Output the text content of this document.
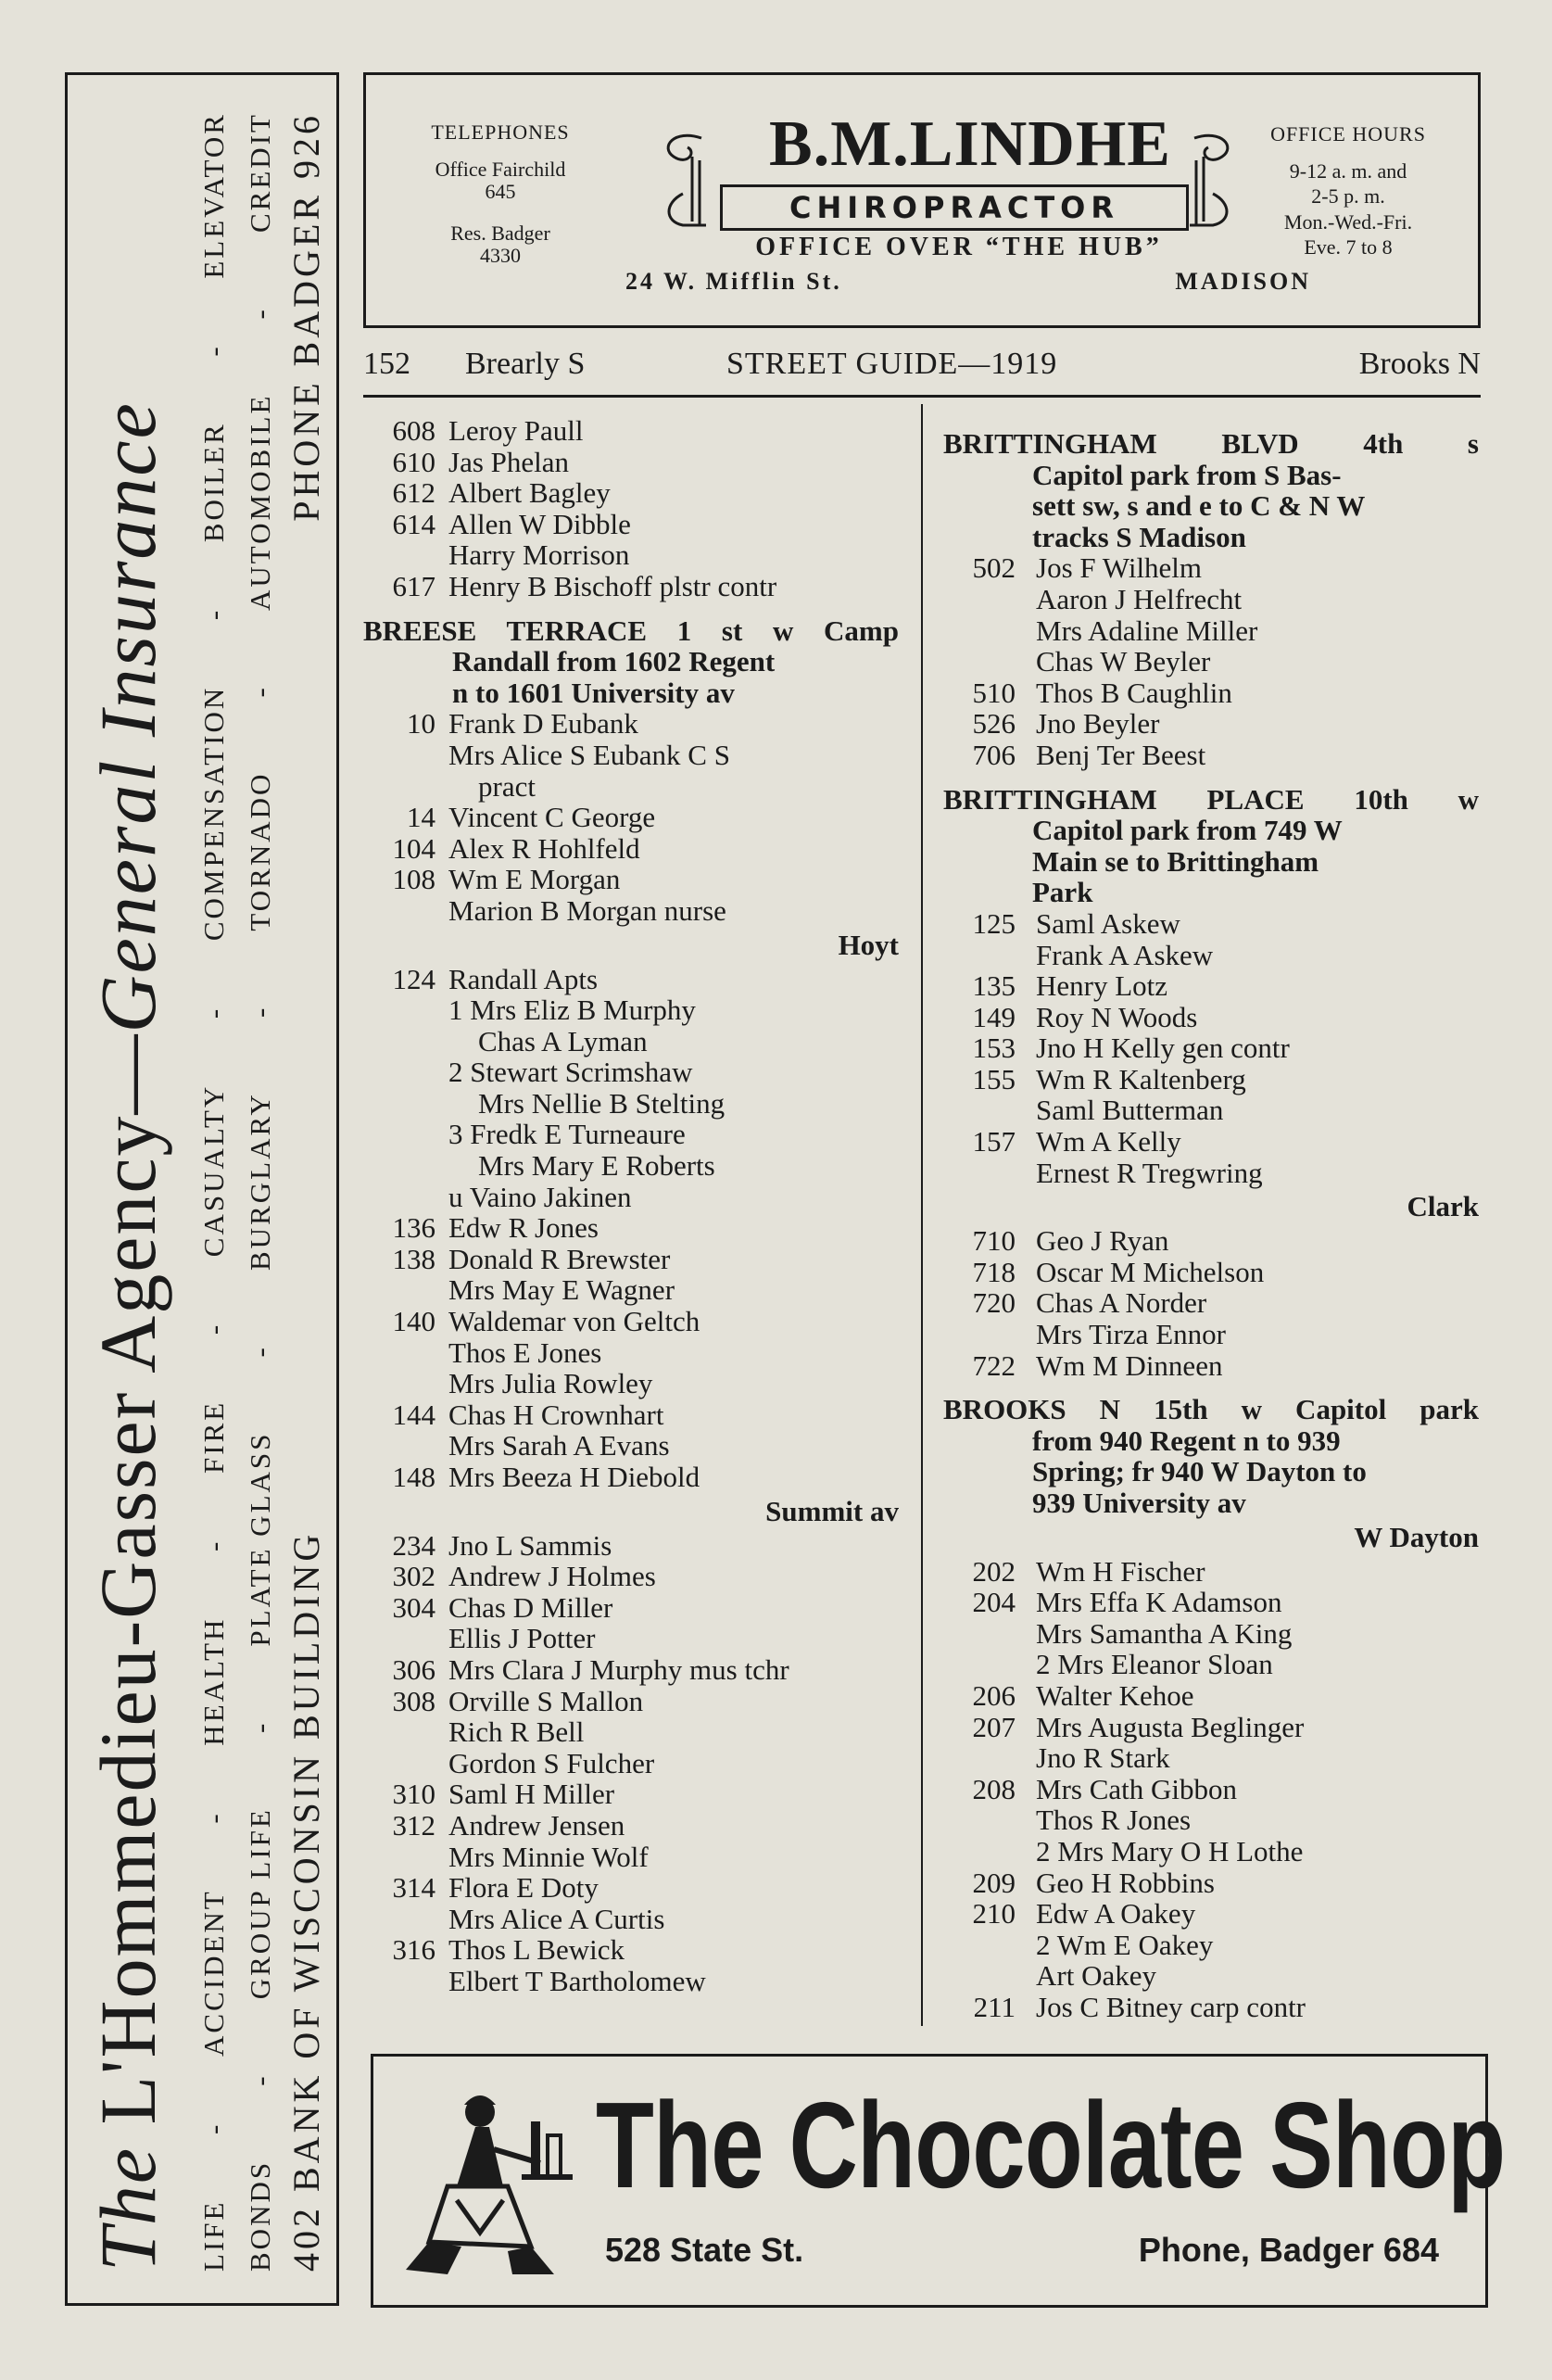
The L'Hommedieu-Gasser Agency—General Insurance
LIFE
-
ACCIDENT
-
HEALTH
-
FIRE
-
CASUALTY
-
COMPENSATION
-
BOILER
-
ELEVATOR
BONDS
-
GROUP LIFE
-
PLATE GLASS
-
BURGLARY
-
TORNADO
-
AUTOMOBILE
-
CREDIT
402 BANK OF WISCONSIN BUILDING
PHONE BADGER 926	TELEPHONES
Office Fairchild
645
Res. Badger
4330
B.M.LINDHE
CHIROPRACTOR
OFFICE OVER “THE HUB”
24 W. Mifflin St.	MADISON
OFFICE HOURS
9-12 a. m. and
2-5 p. m.
Mon.-Wed.-Fri.
Eve. 7 to 8
152 Brearly S	STREET GUIDE—1919	Brooks N
608 Leroy Paull
610 Jas Phelan
612 Albert Bagley
614 Allen W Dibble
Harry Morrison
617 Henry B Bischoff plstr contr
BREESE TERRACE 1 st w Camp
Randall from 1602 Regent
n to 1601 University av
10 Frank D Eubank
Mrs Alice S Eubank C S
pract
14 Vincent C George
104 Alex R Hohlfeld
108 Wm E Morgan
Marion B Morgan nurse
Hoyt
124 Randall Apts
1 Mrs Eliz B Murphy
Chas A Lyman
2 Stewart Scrimshaw
Mrs Nellie B Stelting
3 Fredk E Turneaure
Mrs Mary E Roberts
u Vaino Jakinen
136 Edw R Jones
138 Donald R Brewster
Mrs May E Wagner
140 Waldemar von Geltch
Thos E Jones
Mrs Julia Rowley
144 Chas H Crownhart
Mrs Sarah A Evans
148 Mrs Beeza H Diebold
Summit av
234 Jno L Sammis
302 Andrew J Holmes
304 Chas D Miller
Ellis J Potter
306 Mrs Clara J Murphy mus tchr
308 Orville S Mallon
Rich R Bell
Gordon S Fulcher
310 Saml H Miller
312 Andrew Jensen
Mrs Minnie Wolf
314 Flora E Doty
Mrs Alice A Curtis
316 Thos L Bewick
Elbert T Bartholomew
BRITTINGHAM BLVD 4th s
Capitol park from S Bas-
sett sw, s and e to C & N W
tracks S Madison
502 Jos F Wilhelm
Aaron J Helfrecht
Mrs Adaline Miller
Chas W Beyler
510 Thos B Caughlin
526 Jno Beyler
706 Benj Ter Beest
BRITTINGHAM PLACE 10th w
Capitol park from 749 W
Main se to Brittingham
Park
125 Saml Askew
Frank A Askew
135 Henry Lotz
149 Roy N Woods
153 Jno H Kelly gen contr
155 Wm R Kaltenberg
Saml Butterman
157 Wm A Kelly
Ernest R Tregwring
Clark
710 Geo J Ryan
718 Oscar M Michelson
720 Chas A Norder
Mrs Tirza Ennor
722 Wm M Dinneen
BROOKS N 15th w Capitol park
from 940 Regent n to 939
Spring; fr 940 W Dayton to
939 University av
W Dayton
202 Wm H Fischer
204 Mrs Effa K Adamson
Mrs Samantha A King
2 Mrs Eleanor Sloan
206 Walter Kehoe
207 Mrs Augusta Beglinger
Jno R Stark
208 Mrs Cath Gibbon
Thos R Jones
2 Mrs Mary O H Lothe
209 Geo H Robbins
210 Edw A Oakey
2 Wm E Oakey
Art Oakey
211 Jos C Bitney carp contr
The Chocolate Shop
528 State St.	Phone, Badger 684
